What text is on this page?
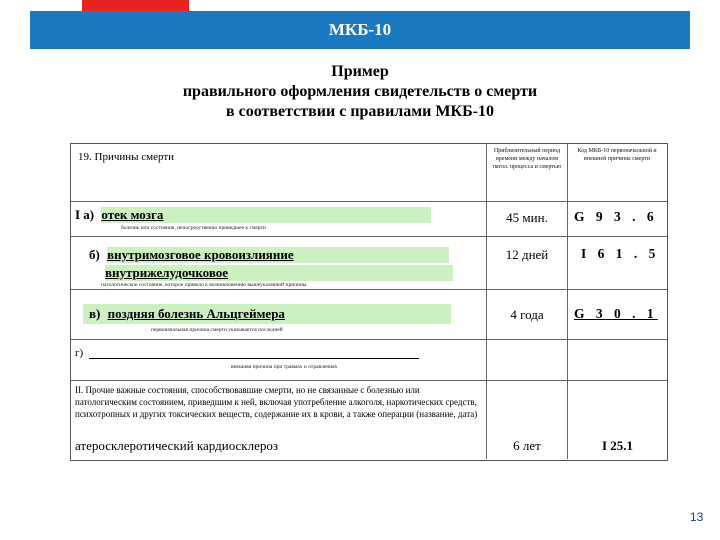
МКБ-10
Пример
правильного оформления свидетельств о смерти
в соответствии с правилами МКБ-10
19. Причины смерти	Приблизительный период времени между началом патол. процесса и смертью
Код МКБ-10 первоначальной и внешней причины смерти
I а) отек мозга
болезнь или состояние, непосредственно приведшее к смерти
45 мин.	G 9 3 . 6
б) внутримозговое кровоизлияние
внутрижелудочковое
патологическое состояние, которое привело к возникновению вышеуказанной причины
12 дней	I 6 1 . 5
в) поздняя болезнь Альцгеймера
первоначальная причина смерти указывается последней
4 года	G 3 0 . 1
г)
внешняя причина при травмах и отравлениях
II. Прочие важные состояния, способствовавшие смерти, но не связанные с болезнью или патологическим состоянием, приведшим к ней, включая употребление алкоголя, наркотических средств, психотропных и других токсических веществ, содержание их в крови, а также операции (название, дата)
атеросклеротический кардиосклероз	6 лет	I 25.1
13
